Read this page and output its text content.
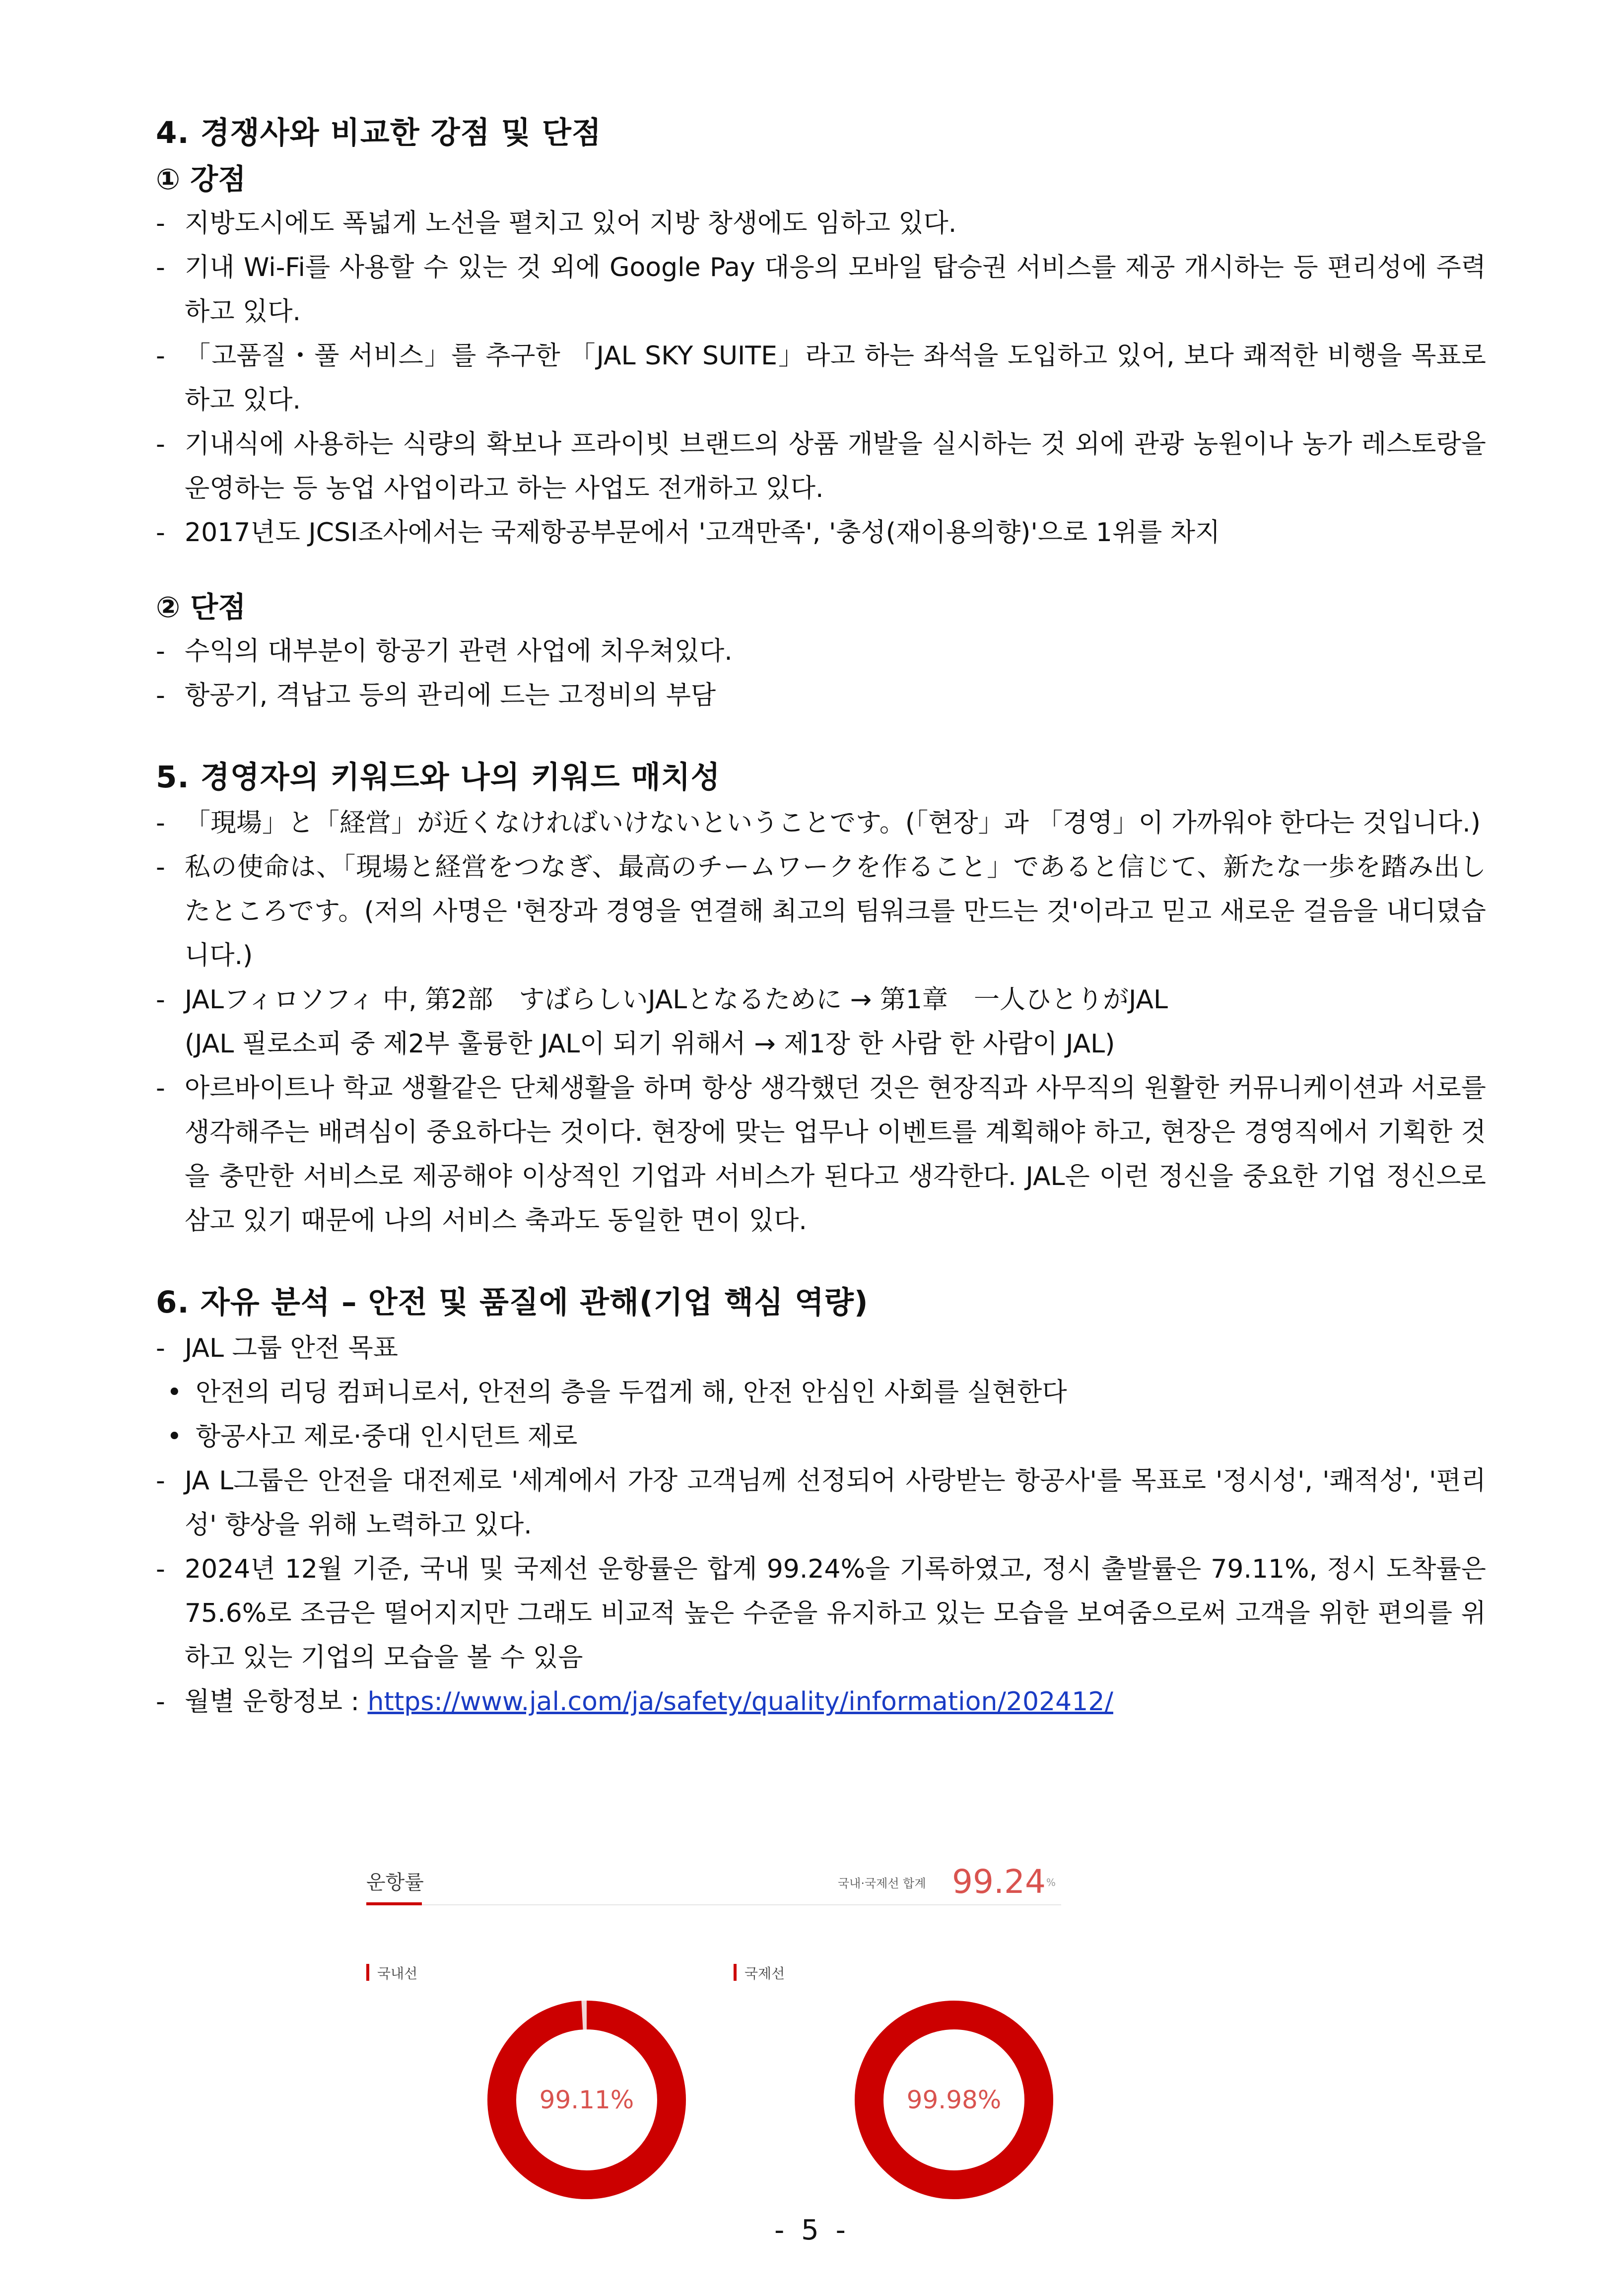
4. 경쟁사와 비교한 강점 및 단점
① 강점
- 지방도시에도 폭넓게 노선을 펼치고 있어 지방 창생에도 임하고 있다.
- 기내 Wi-Fi를 사용할 수 있는 것 외에 Google Pay 대응의 모바일 탑승권 서비스를 제공 개시하는 등 편리성에 주력하고 있다.
- 「고품질・풀 서비스」를 추구한 「JAL SKY SUITE」라고 하는 좌석을 도입하고 있어, 보다 쾌적한 비행을 목표로 하고 있다.
- 기내식에 사용하는 식량의 확보나 프라이빗 브랜드의 상품 개발을 실시하는 것 외에 관광 농원이나 농가 레스토랑을 운영하는 등 농업 사업이라고 하는 사업도 전개하고 있다.
- 2017년도 JCSI조사에서는 국제항공부문에서 '고객만족', '충성(재이용의향)'으로 1위를 차지
② 단점
- 수익의 대부분이 항공기 관련 사업에 치우쳐있다.
- 항공기, 격납고 등의 관리에 드는 고정비의 부담
5. 경영자의 키워드와 나의 키워드 매치성
- 「現場」と「経営」が近くなければいけないということです。(「현장」과 「경영」이 가까워야 한다는 것입니다.)
- 私の使命は、「現場と経営をつなぎ、最高のチームワークを作ること」であると信じて、新たな一歩を踏み出したところです。(저의 사명은 '현장과 경영을 연결해 최고의 팀워크를 만드는 것'이라고 믿고 새로운 걸음을 내디뎠습니다.)
- JALフィロソフィ 中, 第2部　すばらしいJALとなるために → 第1章　一人ひとりがJAL
(JAL 필로소피 중 제2부 훌륭한 JAL이 되기 위해서 → 제1장 한 사람 한 사람이 JAL)
- 아르바이트나 학교 생활같은 단체생활을 하며 항상 생각했던 것은 현장직과 사무직의 원활한 커뮤니케이션과 서로를 생각해주는 배려심이 중요하다는 것이다. 현장에 맞는 업무나 이벤트를 계획해야 하고, 현장은 경영직에서 기획한 것을 충만한 서비스로 제공해야 이상적인 기업과 서비스가 된다고 생각한다. JAL은 이런 정신을 중요한 기업 정신으로 삼고 있기 때문에 나의 서비스 축과도 동일한 면이 있다.
6. 자유 분석 – 안전 및 품질에 관해(기업 핵심 역량)
- JAL 그룹 안전 목표
• 안전의 리딩 컴퍼니로서, 안전의 층을 두껍게 해, 안전 안심인 사회를 실현한다
• 항공사고 제로·중대 인시던트 제로
- JA L그룹은 안전을 대전제로 '세계에서 가장 고객님께 선정되어 사랑받는 항공사'를 목표로 '정시성', '쾌적성', '편리성' 향상을 위해 노력하고 있다.
- 2024년 12월 기준, 국내 및 국제선 운항률은 합계 99.24%을 기록하였고, 정시 출발률은 79.11%, 정시 도착률은 75.6%로 조금은 떨어지지만 그래도 비교적 높은 수준을 유지하고 있는 모습을 보여줌으로써 고객을 위한 편의를 위하고 있는 기업의 모습을 볼 수 있음
- 월별 운항정보 : https://www.jal.com/ja/safety/quality/information/202412/
운항률	국내·국제선 합계 99.24 %
국내선	국제선
99.11%	99.98%
- 5 -
